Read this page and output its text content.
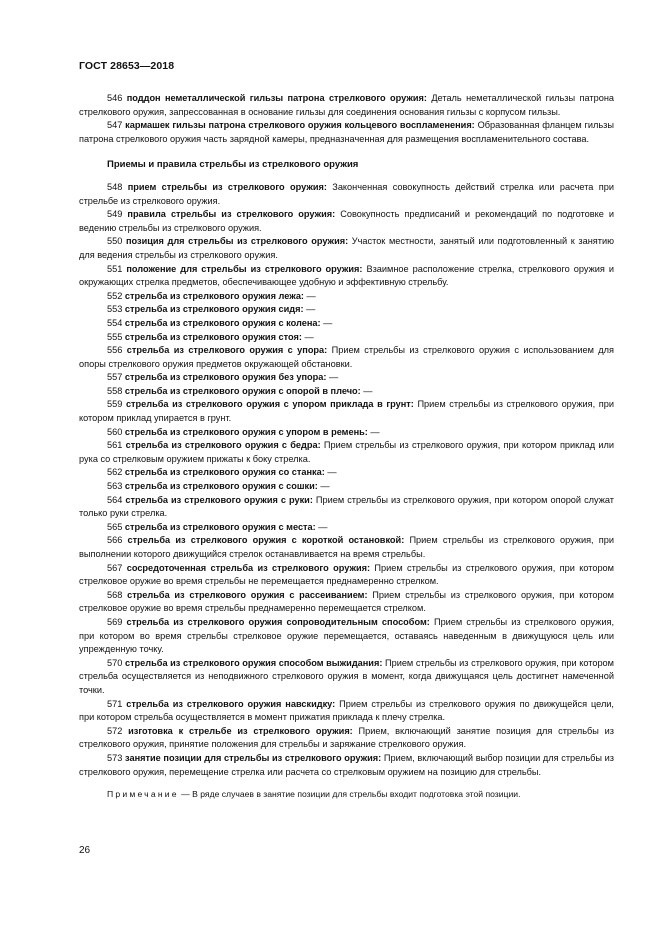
ГОСТ 28653—2018

546 поддон неметаллической гильзы патрона стрелкового оружия: Деталь неметаллической гильзы патрона стрелкового оружия, запрессованная в основание гильзы для соединения основания гильзы с корпусом гильзы.

547 кармашек гильзы патрона стрелкового оружия кольцевого воспламенения: Образованная фланцем гильзы патрона стрелкового оружия часть зарядной камеры, предназначенная для размещения воспламенительного состава.

Приемы и правила стрельбы из стрелкового оружия

548 прием стрельбы из стрелкового оружия: Законченная совокупность действий стрелка или расчета при стрельбе из стрелкового оружия.

549 правила стрельбы из стрелкового оружия: Совокупность предписаний и рекомендаций по подготовке и ведению стрельбы из стрелкового оружия.

550 позиция для стрельбы из стрелкового оружия: Участок местности, занятый или подготовленный к занятию для ведения стрельбы из стрелкового оружия.

551 положение для стрельбы из стрелкового оружия: Взаимное расположение стрелка, стрелкового оружия и окружающих стрелка предметов, обеспечивающее удобную и эффективную стрельбу.

552 стрельба из стрелкового оружия лежа: —

553 стрельба из стрелкового оружия сидя: —

554 стрельба из стрелкового оружия с колена: —

555 стрельба из стрелкового оружия стоя: —

556 стрельба из стрелкового оружия с упора: Прием стрельбы из стрелкового оружия с использованием для опоры стрелкового оружия предметов окружающей обстановки.

557 стрельба из стрелкового оружия без упора: —

558 стрельба из стрелкового оружия с опорой в плечо: —

559 стрельба из стрелкового оружия с упором приклада в грунт: Прием стрельбы из стрелкового оружия, при котором приклад упирается в грунт.

560 стрельба из стрелкового оружия с упором в ремень: —

561 стрельба из стрелкового оружия с бедра: Прием стрельбы из стрелкового оружия, при котором приклад или рука со стрелковым оружием прижаты к боку стрелка.

562 стрельба из стрелкового оружия со станка: —

563 стрельба из стрелкового оружия с сошки: —

564 стрельба из стрелкового оружия с руки: Прием стрельбы из стрелкового оружия, при котором опорой служат только руки стрелка.

565 стрельба из стрелкового оружия с места: —

566 стрельба из стрелкового оружия с короткой остановкой: Прием стрельбы из стрелкового оружия, при выполнении которого движущийся стрелок останавливается на время стрельбы.

567 сосредоточенная стрельба из стрелкового оружия: Прием стрельбы из стрелкового оружия, при котором стрелковое оружие во время стрельбы не перемещается преднамеренно стрелком.

568 стрельба из стрелкового оружия с рассеиванием: Прием стрельбы из стрелкового оружия, при котором стрелковое оружие во время стрельбы преднамеренно перемещается стрелком.

569 стрельба из стрелкового оружия сопроводительным способом: Прием стрельбы из стрелкового оружия, при котором во время стрельбы стрелковое оружие перемещается, оставаясь наведенным в движущуюся цель или упрежденную точку.

570 стрельба из стрелкового оружия способом выжидания: Прием стрельбы из стрелкового оружия, при котором стрельба осуществляется из неподвижного стрелкового оружия в момент, когда движущаяся цель достигнет намеченной точки.

571 стрельба из стрелкового оружия навскидку: Прием стрельбы из стрелкового оружия по движущейся цели, при котором стрельба осуществляется в момент прижатия приклада к плечу стрелка.

572 изготовка к стрельбе из стрелкового оружия: Прием, включающий занятие позиция для стрельбы из стрелкового оружия, принятие положения для стрельбы и заряжание стрелкового оружия.

573 занятие позиции для стрельбы из стрелкового оружия: Прием, включающий выбор позиции для стрельбы из стрелкового оружия, перемещение стрелка или расчета со стрелковым оружием на позицию для стрельбы.

Примечание — В ряде случаев в занятие позиции для стрельбы входит подготовка этой позиции.
26
